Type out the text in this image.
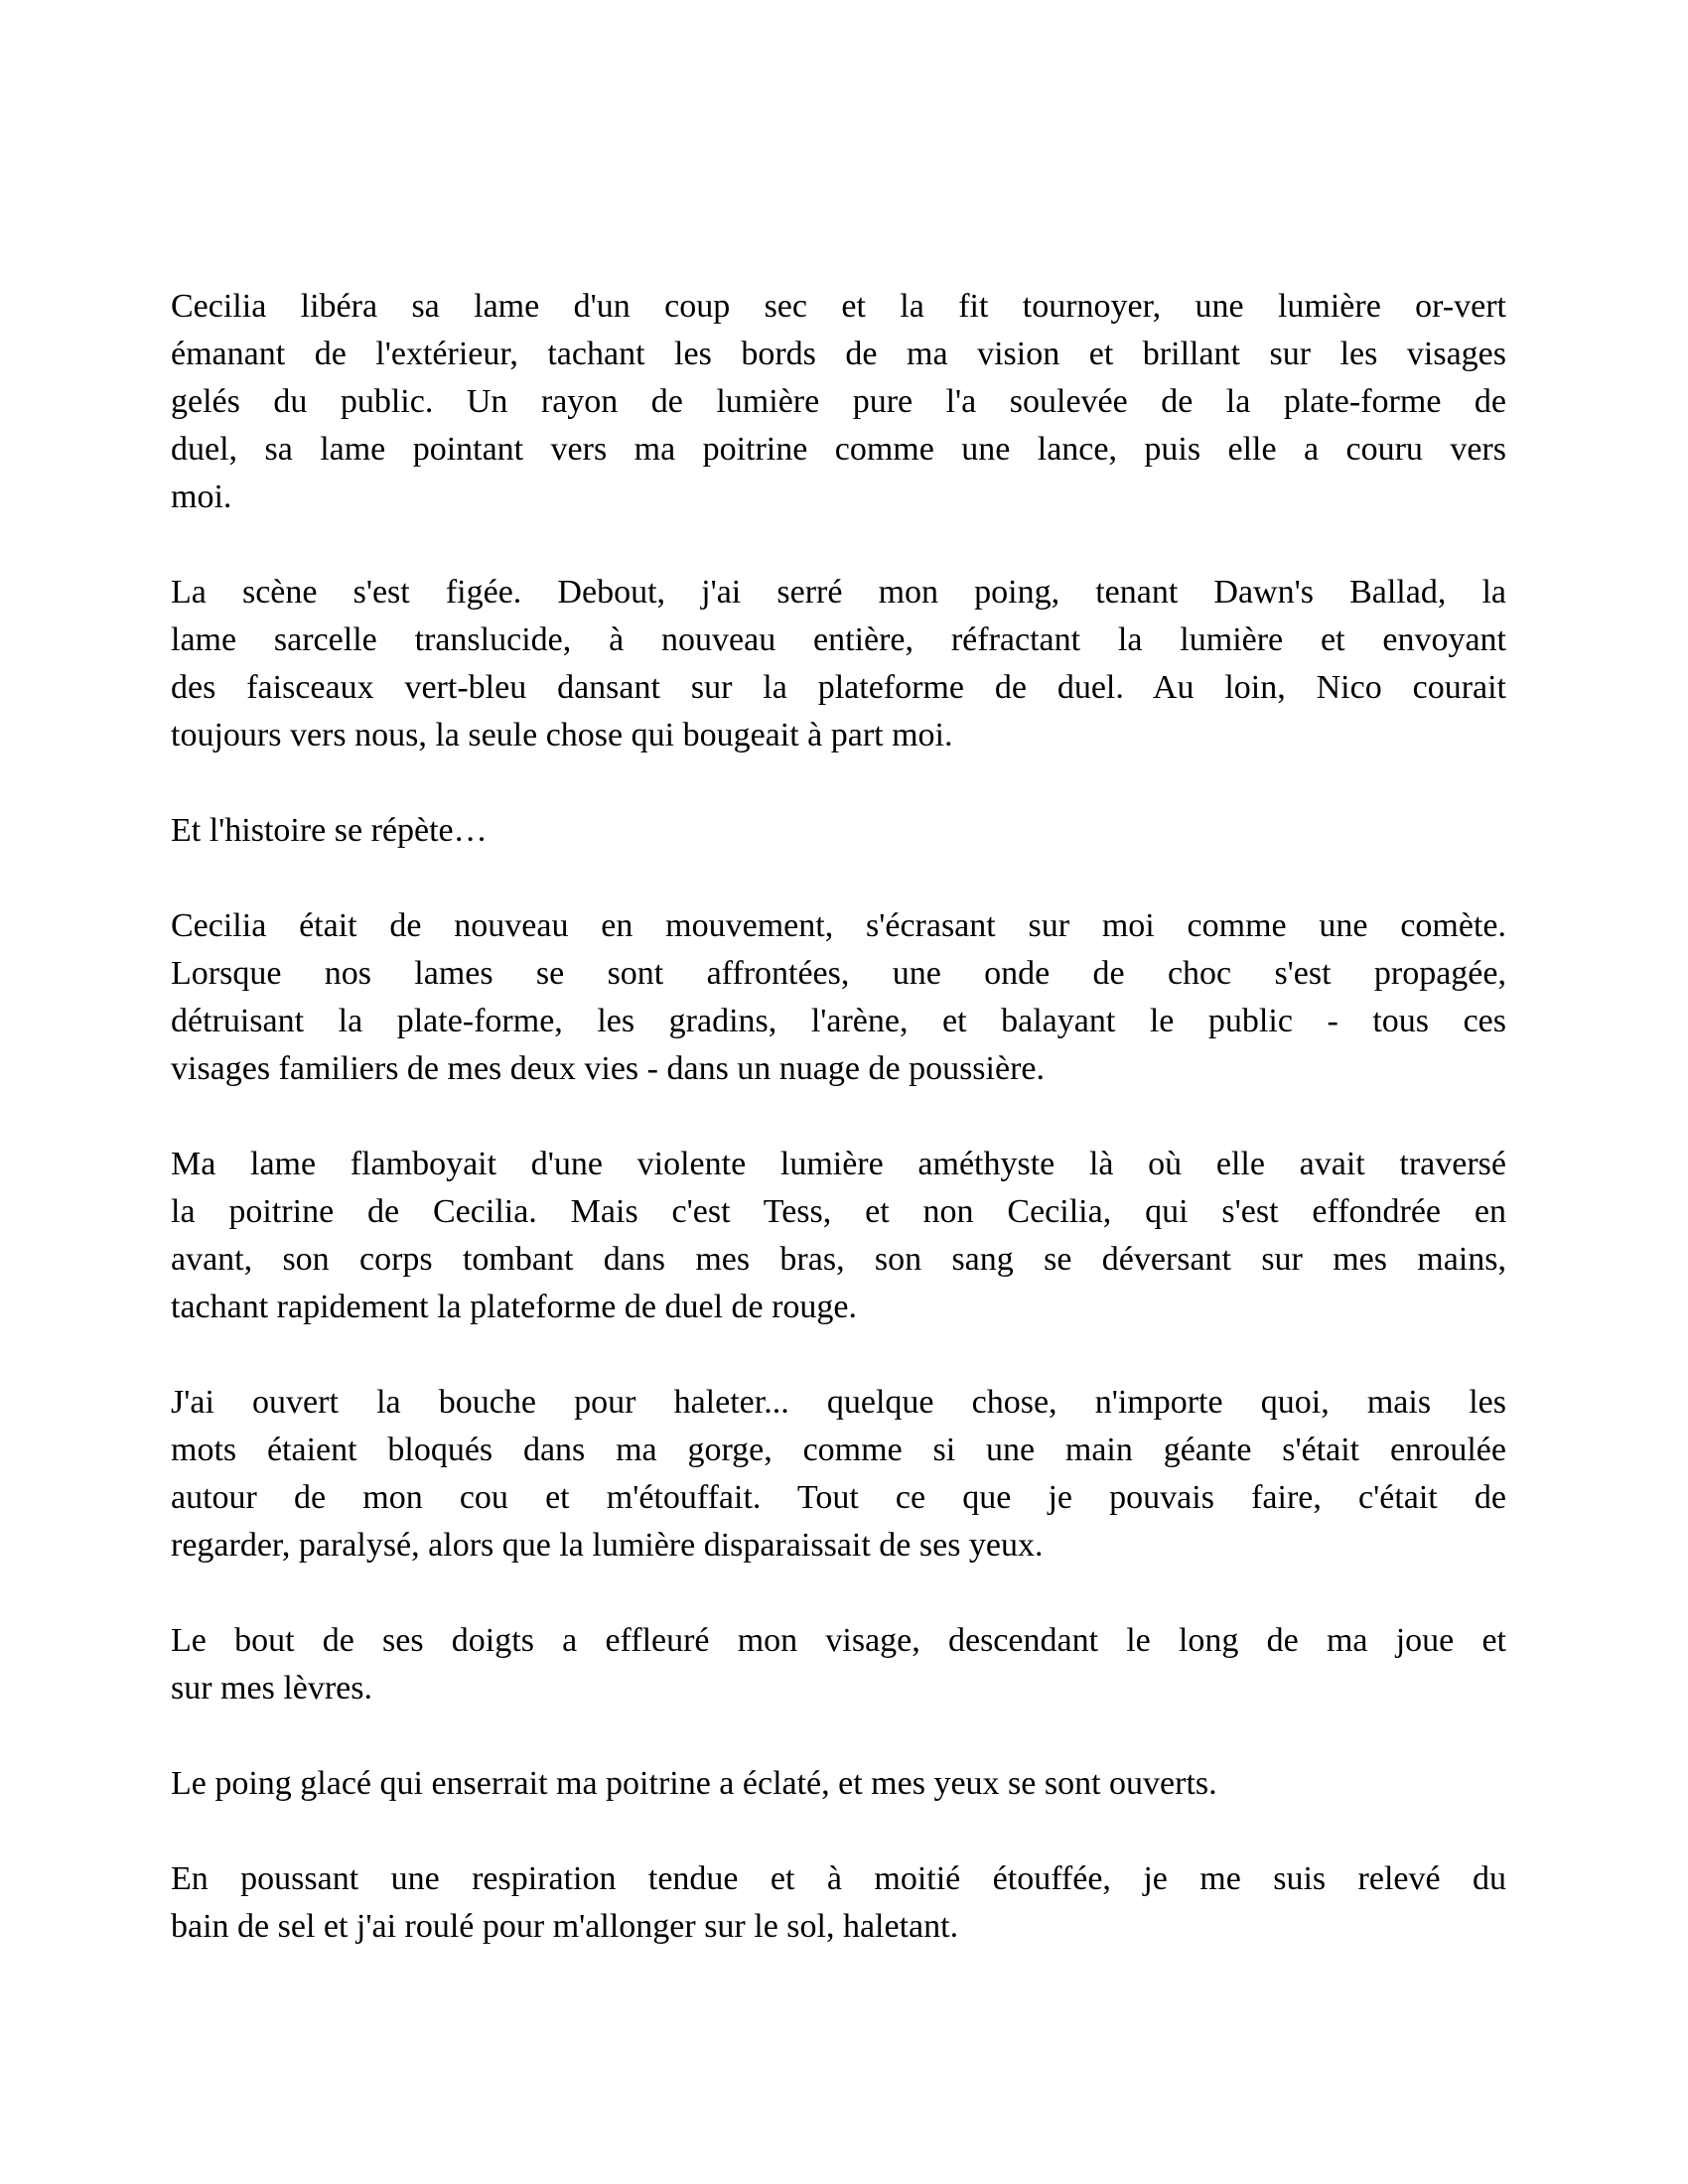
Cecilia libéra sa lame d'un coup sec et la fit tournoyer, une lumière or-vert
émanant de l'extérieur, tachant les bords de ma vision et brillant sur les visages
gelés du public. Un rayon de lumière pure l'a soulevée de la plate-forme de
duel, sa lame pointant vers ma poitrine comme une lance, puis elle a couru vers
moi.

La scène s'est figée. Debout, j'ai serré mon poing, tenant Dawn's Ballad, la
lame sarcelle translucide, à nouveau entière, réfractant la lumière et envoyant
des faisceaux vert-bleu dansant sur la plateforme de duel. Au loin, Nico courait
toujours vers nous, la seule chose qui bougeait à part moi.

Et l'histoire se répète…

Cecilia était de nouveau en mouvement, s'écrasant sur moi comme une comète.
Lorsque nos lames se sont affrontées, une onde de choc s'est propagée,
détruisant la plate-forme, les gradins, l'arène, et balayant le public - tous ces
visages familiers de mes deux vies - dans un nuage de poussière.

Ma lame flamboyait d'une violente lumière améthyste là où elle avait traversé
la poitrine de Cecilia. Mais c'est Tess, et non Cecilia, qui s'est effondrée en
avant, son corps tombant dans mes bras, son sang se déversant sur mes mains,
tachant rapidement la plateforme de duel de rouge.

J'ai ouvert la bouche pour haleter... quelque chose, n'importe quoi, mais les
mots étaient bloqués dans ma gorge, comme si une main géante s'était enroulée
autour de mon cou et m'étouffait. Tout ce que je pouvais faire, c'était de
regarder, paralysé, alors que la lumière disparaissait de ses yeux.

Le bout de ses doigts a effleuré mon visage, descendant le long de ma joue et
sur mes lèvres.

Le poing glacé qui enserrait ma poitrine a éclaté, et mes yeux se sont ouverts.

En poussant une respiration tendue et à moitié étouffée, je me suis relevé du
bain de sel et j'ai roulé pour m'allonger sur le sol, haletant.
